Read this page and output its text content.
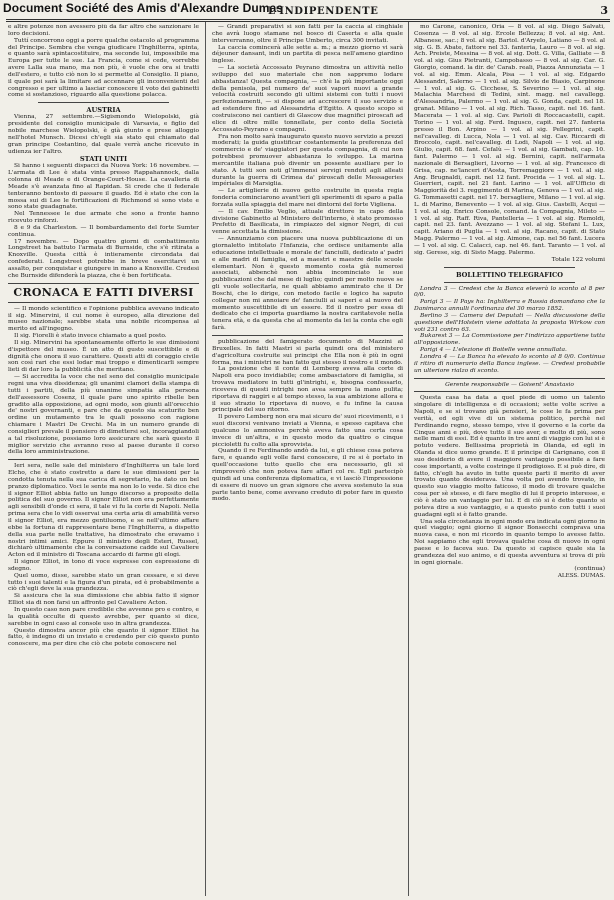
Document Société des Amis d'Alexandre Dumas
L'INDIPENDENTE	3

e altre potenze non avessero più da far altro che sanzionare le loro decisioni.

Tuttí concorrono oggi a porre qualche ostacolo al programma del Principe. Sembra che venga giudicare l'Inghilterra, spinta, e quanto sarà spintacostituire, ma seconde lui, impossibile ma Europa per tutte le sue. La Francia, come si cede, vorrebbe avere Lalla sua mano, ma non più, è vuole che ora si tratti dell'estero, e tutto ciò non lo si permette al Consiglio. Il piano, il quale poi sarà la limitare ad accennare gli inconvenienti del congresso e per ultimo a lasciar conoscere il voto dei gabinetti come si sostanzioso, riguardo alla questione polacca.

AUSTRIA

Vienna, 27 settembre.—Sigismondo Wielopolski, già presidente del consiglio municipale di Varsavia, e figlio del nobile marchese Wielopolski, è già giunto e prese alloggio nell'hotel Munsch. Dicesi ch'egli sia stato qui chiamato dal gran principe Costantino, dal quale verrà anche ricevuto in udienza ier l'altro.

STATI UNITI

Si hanno i seguenti dispacci da Nuova York: 16 novembre. — L'armata di Lee è stata vinta presso Rappahannock, dalla colonna di Meade e di Orange-Court-House. La cavalleria di Meade s'è avanzata fino al Rapidan. Si crede che il federale tenteranno bentosto di passare il guado. Ed è stato che con la mossa sui di Lee le fortificazioni di Richmond si sono viste e sono state guadagnate.

Nel Tennessee le due armate che sono a fronte hanno ricevuto rinforzi.

8 e 9 da Charleston. — Il bombardamento del forte Sumter continua.

17 novembre. — Dopo quattro giorni di combattimento Longstreet ha battuto l'armata di Burnside, che s'è ritirata a Knoxville. Questa città è intieramente circondata dai confederati. Longstreet potrebbe in breve esercitarvi un assalto, per conquistar e giungere in mano a Knoxville. Credesi che Burnside difenderà la piazza, che è ben fortificata.

CRONACA E FATTI DIVERSI

— Il mondo scientifico e l'opinione pubblica avevano indicato il sig. Minervini, il cui nome è europeo, alla direzione del museo nazionale; sarebbe stata una nobile ricompensa al merito ed all'ingegno.

Il sig. Fiorelli è stato invece chiamato a quel posto.

Il sig. Minervini ha spontaneamente offerto le sue dimissioni d'ispettore del museo. È un atto di gusto suscettibile e di dignità che onora il suo carattere. Questi atti di coraggio civile son così rari che essi lodar mai troppo e dimenticarli sempre lieti di dar loro la pubblicità che meritano.

— Si accredita la voce che nel seno del consiglio municipale regni una viva dissidenza; gli unanimi clamori della stampa di tutti i partiti, della più unanime simpatia alla persona dell'assessore Cosenz, il quale pare uno spirito ribelle ben gradito alla opposizione, ad ogni modo, son giunti all'orecchio de' nostri governanti, e pare che da questo sia scaturito ben ordine un mutamento tra le quali possono con ragione chiamare i Mastri De Crechi. Ma in un numero grande di consiglieri prevale il pensiero di dimettersi sol, incoraggiandoli a tal risoluzione, possiamo loro assicurare che sarà questo il miglior servizio che avranno reso al paese durante il corso della loro amministrazione.

Ieri sera, nelle sale del ministero d'Inghilterra un tale lord Elcho, che è stato costretto a dare le sue dimissioni per la condotta tenuta nella sua carica di segretario, ha dato un bel pranzo diplomatico. Voci le sente ma non lo lo vede. Si dice che il signor Elliot abbia fatto un lungo discorso a proposito della politica del suo governo. Il signor Elliot non era perfettamente agli sensibili d'onde ci sera, il tale vi fu la corte di Napoli. Nella prima sera che lo vidi osservai una certa aria di amabilità verso il signor Elliot, era mezzo gentiluomo, e se nell'ultimo affare ebbe la fortuna di rappresentare bene l'Inghilterra, a dispetto della sua parte nelle trattative, ha dimostrato che eravamo i nostri intimi amici. Eppure il ministro degli Esteri, Russel, dichiarò ultimamente che la conversazione cadde sul Cavaliere Acton ed il ministro di Toscana accardo di farme gli elogi.

Il signor Elliot, in tono di voce espresse con espressione di sdegno.

Quel uomo, disse, sarebbe stato un gran cessare, e si deve tutto i suoi talenti e la figura d'un pirata, ed è probabilmente a ciò ch'egli deve la sua grandezza.

Si assicura che la sua dimissione che abbia fatto il signor Elliot sia di non farsi un affronto pel Cavaliere Acton.

In questo caso non pare credibile che avvenne pro e contro, e la qualità occulte di questo avrebbe, per quanto si dice, sarebbe in ogni caso al console uso in altra grandezza.

Questo dimostra ancor più che quanto il signor Elliot ha fatto, è indegno di un inviato e credendo per ciò questo punto conoscere, ma per dire che ciò che potete conoscere nel

— Grandi preparativi si son fatti per la caccia al cinghiale che avrà luogo stamane nel bosco di Caserta e alla quale interverranno, oltre il Principe Umberto, circa 300 invitati.

La caccia comincerà alle sette a. m.; a mezzo giorno vi sarà déjeuner dansant, indi un partita di pesca nell'ameno giardino inglese.

— La società Accossato Peyrano dimostra un attività nello sviluppo del suo materiale che non sappremo lodare abbastanza! Questa compagnia, — ch'è la più importante oggi della penisola, pel numero de' suoi vapori nuovi a grande velocità costruiti secondo gli ultimi sistemi con tutti i nuovi perfezionamenti, — si dispone ad accrescere il suo servizio e ad estendere fino ad Alessandria d'Egitto. A questo scopo si costruiscono nei cantieri di Glascow due magnifici piroscafi ad elice di oltre mille tonnellate, per conto della Società Accossato-Peyrano e compagni.

Fra non molto sarà inaugurato questo nuovo servizio a prezzi moderati; la guida giustificar costantemente la preferenza del commercio e de' viaggiatori per questa compagnia, di cui non potrebbesi promuover abbastanza lo sviluppo. La marina mercantile italiana può divenir un possente ausiliare per lo stato. A tutti son noti gl'immensi servigi renduti agli alleati durante la guerra di Crimea da' piroscafi delle Messageries impériales di Marsiglia.

— Le artiglierie di nuovo getto costruite in questa regia fonderia cominciarono avant'ieri gli sperimenti di sparo a palla forzata sulla spiaggia del mare nei dintorni del forte Vigliena.

— Il cav. Emilio Veglio, attuale direttore in capo della divisione Gabinetto al Ministero dell'interno, è stato promosso Prefetto di Basilicata, in rimpiazzo del signor Negri, di cui venne accettata la dimissione.

— Annunziamo con piacere una nuova pubblicazione di un giornaletto intitolato l'Infanzia, che ordisce unitamente alla educazione intellettuale e morale de' fanciulli, dedicato a' padri e alle madri di famiglia, ed a maestri e maestre delle scuole elementari. Non è questo momento costa già numerosi associati, abbenchè non abbia incominciato le sue pubblicazioni che dal mese di luglio; quindi per molto nuove se gli vuole sollecitarla, ne quali abbiamo ammirato che il Dr Boschi, che lo dirige, con metodo facile e logico ha saputo collegar non mi annoiare de' fanciulli ai saperi e al nuovo del momento suscettibile di un essere. Ed il nostro per essa di dedicato che ci importa guardiamo la nostra caritatevole nella tenera età, e da questa che al momento da lei la conta che egli farà.

pubblicazione del famigerato documento di Mazzini al Bruxelles. In fatti Mastri si parla quindi ora del ministero d'agricoltura costruite sui principi che Ella non è più in ogni forma, ma i ministri ne han fatto qui stesso il nostro e il mondo.

La posizione che il conte di Lemberg aveva alla corte di Napoli era poco invidiabile; come ambasciatore di famiglia, si trovava mediatore in tutti gl'intrighi, e, bisogna confessarlo, riceveva di questi intrighi non avea sempre la mano pulita; riportava di raggiri e al tempo stesso, la sua ambizione allora e il suo strazio lo riportava di nuovo, e fu infine la causa principale del suo ritorno.

Il povero Lemberg non era mai sicuro de' suoi ricevimenti, e i suoi discorsi venivano inviati a Vienna, e spesso capitava che qualcuno lo ammoniva perchè aveva fatto una certa cosa invece di un'altra, e in questo modo da quattro o cinque piccioletti fu colto alla sprovvista.

Quando il re Ferdinando andò da lui, e gli chiese cosa poteva fare, e quando egli volle farsi conoscere, il re si è portato in quell'occasione tutto quello che era necessario, gli si rimproverò che non poteva fare affari col re. Egli partecipò quindi ad una conferenza diplomatica, e vi lasciò l'impressione di essere di nuovo un gran signore che aveva sostenuto la sua parte tanto bene, come avevano creduto di poter fare in questo modo.

mo Carone, canonico, Oria — 8 vol. al sig. Diego Salvati, Cosenza — 8 vol. al sig. Ercole Bellezza; 8 vol. al sig. Ant. Albanese, sac.; 8 vol. al sig. Bartol. d'Aryelo, Latiano — 8 vol. al sig. G. B. Abate, fattore nel 33. fanteria, Lauro — 8 vol. al sig. Ach. Preiste, Messina — 8 vol. al sig. Dott. G. Villa, Galliate — 8 vol. al sig. Gius Pietranti, Campobasso — 8 vol. al sig. Car. G. Giorgio, comand. la dir. de' Carab. reali, Piazza Annunziata — 1 vol. al sig. Emm. Alcala, Pisa — 1 vol. al sig. Edgardo Alessandri, Salerno — 1 vol. al sig. Silvio de Biasio, Carpinone — 1 vol. al sig. G. Cicchese, S. Severino — 1 vol. al sig. Malachia Marchesi di Tedini, sint. magg. nel cavallegg. d'Alessandria, Palermo — 1 vol. al sig. G. Gonda, capit. nel 18. granat. Milano — 1 vol. al sig. Rich. Tasso, capit. nel 16. fant. Macerata — 1 vol. al sig. Cav. Parioli di Roccacastelli, capit. Torino — 1 vol. al sig. Ferd. Ingusco, capit. nei 27. fanteria presso il Bon. Arpino — 1 vol. al sig. Pellegrini, capit. nel'cavalleg. di Lucca, Nola — 1 vol. al sig. Cav. Riccardi di Broccolo, capit. nel'cavalleg. di Lodi, Napoli — 1 vol. al sig. Giulio, capit. 68. fant. Cefalù — 1 vol. al sig. Gambati, cap. 10. fant. Palermo — 1 vol. al sig. Bernini, capit. nell'armata nazionale di Bersaglieri, Livorno — 1 vol. al sig. Francesco di Grisa, cap. ne'lanceri d'Aosta, Torremaggiore — 1 vol. al sig. Ang. Brugnaldi, capit. nel 12 fant. Procida — 1 vol. al sig. L. Guerrieri, capit. nel 21 fant. Larino — 1 vol. all'Ufficio di Maggiorità del 3. reggimento di Marina, Genova — 1 vol. al sig. G. Tommasetti capit. nel 17. bersagliere, Milano — 1 vol. al sig. L. di Marino, Benevento — 1 vol. al sig. Gius. Castelli, Acqui — 1 vol. al sig. Enrico Console, comand. la Compagnia, Mileto — 1 vol. al sig. Raff. Riva, Pantelleria — 1 vol. al sig. Remoldi, capit. nel 23. fant. Avezzano — 1 vol. al sig. Stefani L. Lux, capit. Ariano di Puglia — 1 vol. al sig. Racano, capit. di Stato Magg. Palermo — 1 vol. al sig. Aimone, cap. nel 56 fant. Lucera — 1 vol. al sig. C. Calacci, cap. nel 46. fant. Taranto — 1 vol. al sig. Gerese, sig. di Sisto Magg. Palermo.

Totale 122 volumi

BOLLETTINO TELEGRAFICO

Londra 3 — Credesi che la Banca eleverà lo sconto al 8 per 0/0.

Parigi 3 — Il Pays ha: Inghilterra e Russia domandano che la Danimarca annulli l'ordinanza del 30 marzo 1852.

Berlino 3 — Camera dei Deputati — Nella discussione della questione dell'Holstein viene adottata la proposta Wirkow con voti 231 contro 63.

Bukarest 3 — La Commissione per l'indirizzo appartiene tutta all'opposizione.

Parigi 4 — L'elezione di Boitelle venne annullata.

Londra 4 — La Banca ha elevato lo sconto al 8 0/0. Continua il ritiro di numerario della Banca inglese. — Credesi probabile un ulteriore rialzo di sconto.

Gerente responsabile — Goisent' Anastasio

Questa casa ha data a quel piede di uomo un talento singolare di intelligenza e di occasioni; sette volte scrive a Napoli, e se si trovano già pensieri, le cose le fa prima per verità, ed egli vive di un sistema politico, perchè nel Ferdinando regno, stesso tempo, vive il governo e la corte da Cinque anni e più, dove tutto il suo aver, e molto di più, sono nelle mani di essi. Ed è quanto in tre anni di viaggio con lui si è potuto vedere. Bellissima proprietà in Olanda, ed egli in Olanda si dice uomo grande. E il principe di Carignano, con il suo desiderio di avere il maggiore vantaggio possibile a fare cose importanti, a volte costringe il prodigioso. E si può dire, di fatto, ch'egli ha avuto in tutte queste parti il merito di aver trovato quanto desiderava. Una volta poi avendo trovato, in questo suo viaggio molto faticoso, il modo di trovare qualche cosa per sè stesso, e di fare meglio di lui il proprio interesse, e ciò è stato un vantaggio per lui. E di ciò si è detto quanto si poteva dire a suo vantaggio, e a questo punto con tutti i suoi guadagni egli si è fatto grande.

Una sola circostanza in ogni modo era indicata ogni giorno in quel viaggio; ogni giorno il signor Bonsecchi comprava una nuova casa, e non mi ricordo in quanto tempo lo avesse fatto. Noi sappiamo che egli trovava qualche cosa di nuovo in ogni paese e lo faceva suo. Da questo si capisce quale sia la grandezza del suo animo, e di questa avventura si trova di più in ogni giornale.

(continua)

ALESS. DUMAS.
